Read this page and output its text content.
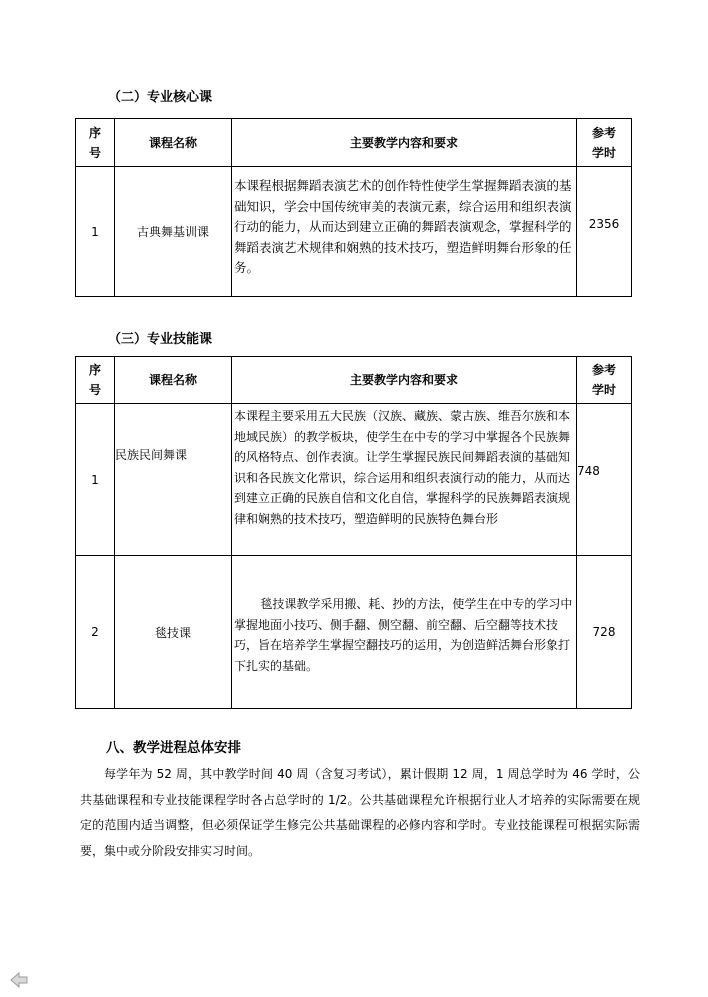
（二）专业核心课
序号	课程名称	主要教学内容和要求	参考学时
1	古典舞基训课	本课程根据舞蹈表演艺术的创作特性使学生掌握舞蹈表演的基础知识，学会中国传统审美的表演元素，综合运用和组织表演行动的能力，从而达到建立正确的舞蹈表演观念，掌握科学的舞蹈表演艺术规律和娴熟的技术技巧，塑造鲜明舞台形象的任务。	2356
（三）专业技能课
序号	课程名称	主要教学内容和要求	参考学时
1	民族民间舞课	本课程主要采用五大民族（汉族、藏族、蒙古族、维吾尔族和本地域民族）的教学板块，使学生在中专的学习中掌握各个民族舞的风格特点、创作表演。让学生掌握民族民间舞蹈表演的基础知识和各民族文化常识，综合运用和组织表演行动的能力，从而达到建立正确的民族自信和文化自信，掌握科学的民族舞蹈表演规律和娴熟的技术技巧，塑造鲜明的民族特色舞台形	748
2	毯技课	毯技课教学采用搬、耗、抄的方法，使学生在中专的学习中掌握地面小技巧、侧手翻、侧空翻、前空翻、后空翻等技术技巧，旨在培养学生掌握空翻技巧的运用，为创造鲜活舞台形象打下扎实的基础。	728
八、教学进程总体安排
每学年为 52 周，其中教学时间 40 周（含复习考试），累计假期 12 周，1 周总学时为 46 学时，公共基础课程和专业技能课程学时各占总学时的 1/2。公共基础课程允许根据行业人才培养的实际需要在规定的范围内适当调整，但必须保证学生修完公共基础课程的必修内容和学时。专业技能课程可根据实际需要，集中或分阶段安排实习时间。
